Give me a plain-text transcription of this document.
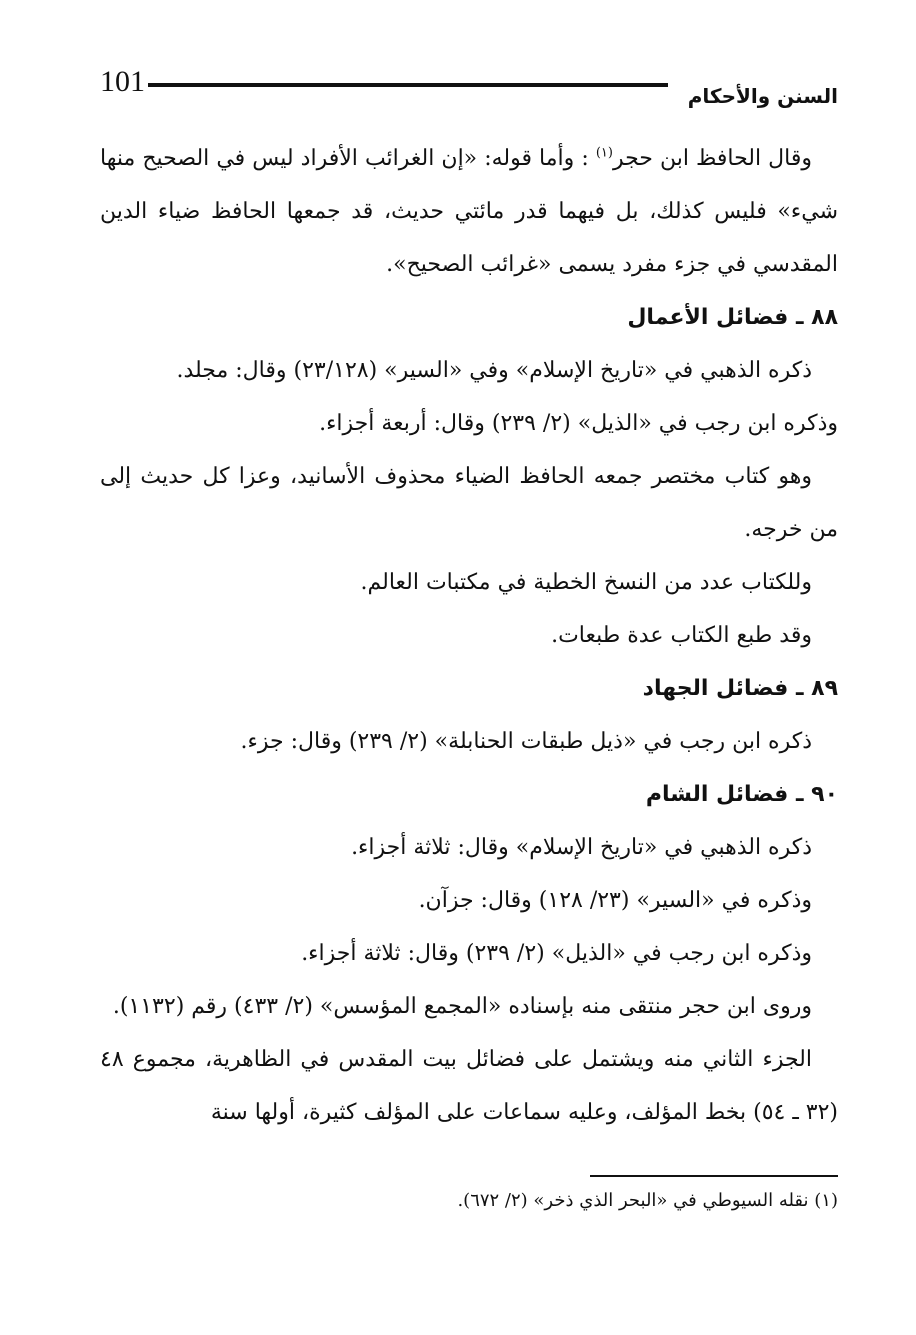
101	السنن والأحكام

وقال الحافظ ابن حجر$^{(١)}$ : وأما قوله: «إن الغرائب الأفراد ليس في الصحيح منها شيء» فليس كذلك، بل فيهما قدر مائتي حديث، قد جمعها الحافظ ضياء الدين المقدسي في جزء مفرد يسمى «غرائب الصحيح».

٨٨ ـ فضائل الأعمال

ذكره الذهبي في «تاريخ الإسلام» وفي «السير» (٢٣/١٢٨) وقال: مجلد.

وذكره ابن رجب في «الذيل» (٢/ ٢٣٩) وقال: أربعة أجزاء.

وهو كتاب مختصر جمعه الحافظ الضياء محذوف الأسانيد، وعزا كل حديث إلى من خرجه.

وللكتاب عدد من النسخ الخطية في مكتبات العالم.

وقد طبع الكتاب عدة طبعات.

٨٩ ـ فضائل الجهاد

ذكره ابن رجب في «ذيل طبقات الحنابلة» (٢/ ٢٣٩) وقال: جزء.

٩٠ ـ فضائل الشام

ذكره الذهبي في «تاريخ الإسلام» وقال: ثلاثة أجزاء.

وذكره في «السير» (٢٣/ ١٢٨) وقال: جزآن.

وذكره ابن رجب في «الذيل» (٢/ ٢٣٩) وقال: ثلاثة أجزاء.

وروى ابن حجر منتقى منه بإسناده «المجمع المؤسس» (٢/ ٤٣٣) رقم (١١٣٢).

الجزء الثاني منه ويشتمل على فضائل بيت المقدس في الظاهرية، مجموع ٤٨ (٣٢ ـ ٥٤) بخط المؤلف، وعليه سماعات على المؤلف كثيرة، أولها سنة

(١) نقله السيوطي في «البحر الذي ذخر» (٢/ ٦٧٢).
